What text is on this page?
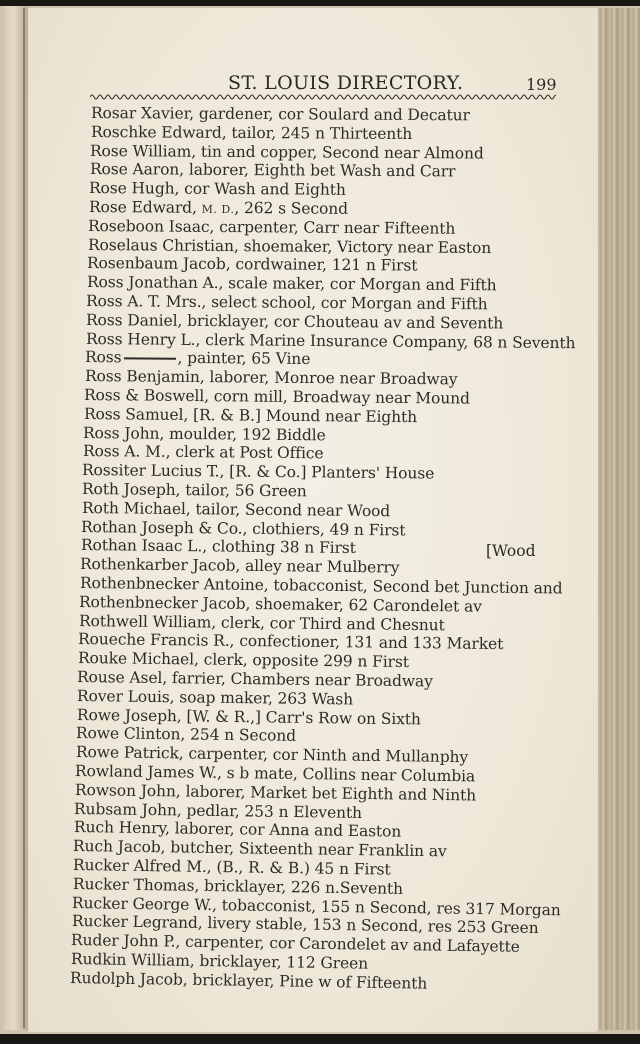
ST. LOUIS DIRECTORY.	199
Rosar Xavier, gardener, cor Soulard and Decatur
Roschke Edward, tailor, 245 n Thirteenth
Rose William, tin and copper, Second near Almond
Rose Aaron, laborer, Eighth bet Wash and Carr
Rose Hugh, cor Wash and Eighth
Rose Edward, M. D., 262 s Second
Roseboon Isaac, carpenter, Carr near Fifteenth
Roselaus Christian, shoemaker, Victory near Easton
Rosenbaum Jacob, cordwainer, 121 n First
Ross Jonathan A., scale maker, cor Morgan and Fifth
Ross A. T. Mrs., select school, cor Morgan and Fifth
Ross Daniel, bricklayer, cor Chouteau av and Seventh
Ross Henry L., clerk Marine Insurance Company, 68 n Seventh
Ross	, painter, 65 Vine
Ross Benjamin, laborer, Monroe near Broadway
Ross & Boswell, corn mill, Broadway near Mound
Ross Samuel, [R. & B.] Mound near Eighth
Ross John, moulder, 192 Biddle
Ross A. M., clerk at Post Office
Rossiter Lucius T., [R. & Co.] Planters' House
Roth Joseph, tailor, 56 Green
Roth Michael, tailor, Second near Wood
Rothan Joseph & Co., clothiers, 49 n First
Rothan Isaac L., clothing 38 n First
Rothenkarber Jacob, alley near Mulberry
Rothenbnecker Antoine, tobacconist, Second bet Junction and
Rothenbnecker Jacob, shoemaker, 62 Carondelet av
Rothwell William, clerk, cor Third and Chesnut
Roueche Francis R., confectioner, 131 and 133 Market
Rouke Michael, clerk, opposite 299 n First
Rouse Asel, farrier, Chambers near Broadway
Rover Louis, soap maker, 263 Wash
Rowe Joseph, [W. & R.,] Carr's Row on Sixth
Rowe Clinton, 254 n Second
Rowe Patrick, carpenter, cor Ninth and Mullanphy
Rowland James W., s b mate, Collins near Columbia
Rowson John, laborer, Market bet Eighth and Ninth
Rubsam John, pedlar, 253 n Eleventh
Ruch Henry, laborer, cor Anna and Easton
Ruch Jacob, butcher, Sixteenth near Franklin av
Rucker Alfred M., (B., R. & B.) 45 n First
Rucker Thomas, bricklayer, 226 n.Seventh
Rucker George W., tobacconist, 155 n Second, res 317 Morgan
Rucker Legrand, livery stable, 153 n Second, res 253 Green
Ruder John P., carpenter, cor Carondelet av and Lafayette
Rudkin William, bricklayer, 112 Green
Rudolph Jacob, bricklayer, Pine w of Fifteenth
[Wood
